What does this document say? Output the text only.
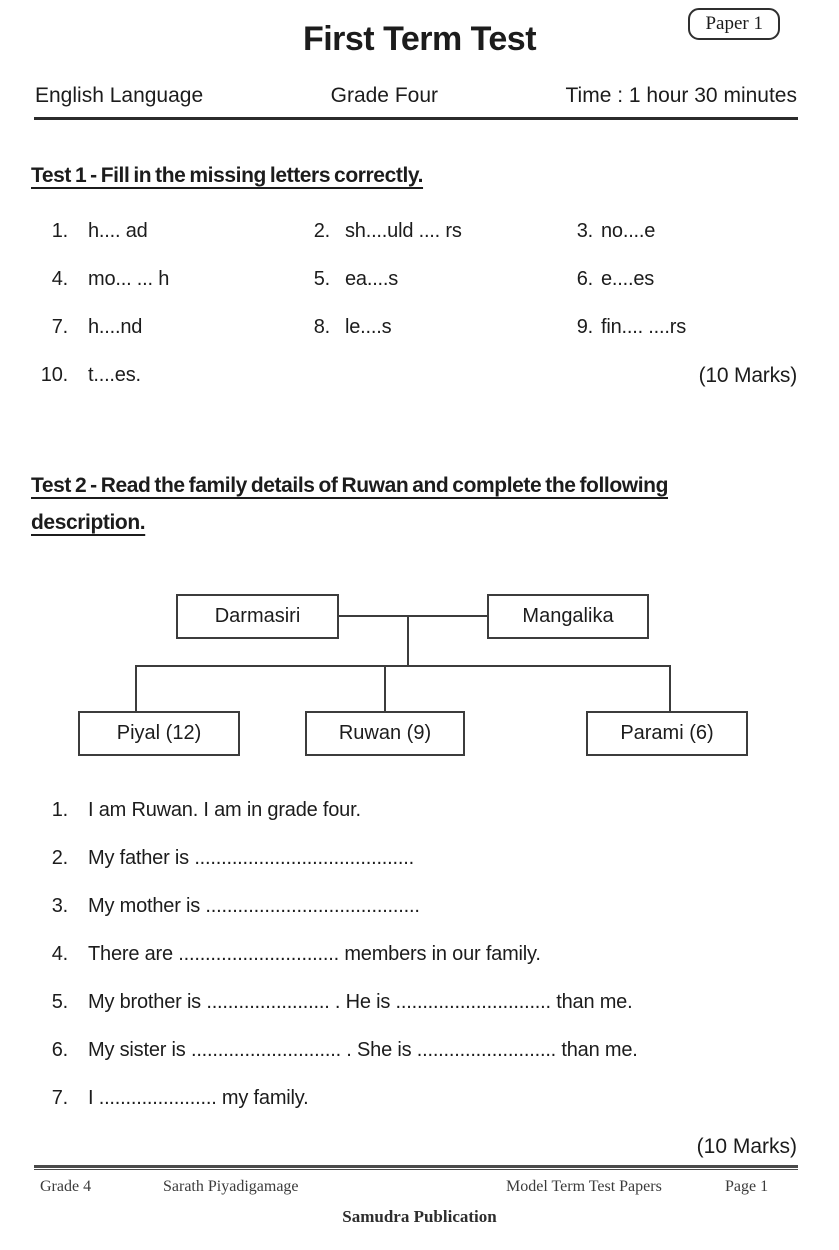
Paper 1
First Term Test
English Language	Grade Four	Time : 1 hour 30 minutes
Test 1 - Fill in the missing letters correctly.
1. h.... ad	2. sh....uld .... rs	3. no....e
4. mo... ... h	5. ea....s	6. e....es
7. h....nd	8. le....s	9. fin.... ....rs
10. t....es.	(10 Marks)
Test 2 - Read the family details of Ruwan and complete the following
description.
Darmasiri	Mangalika
Piyal (12)	Ruwan (9)	Parami (6)
1. I am Ruwan. I am in grade four.
2. My father is .........................................
3. My mother is ........................................
4. There are .............................. members in our family.
5. My brother is ....................... . He is ............................. than me.
6. My sister is ............................ . She is .......................... than me.
7. I ...................... my family.
(10 Marks)
Grade 4	Sarath Piyadigamage	Model Term Test Papers	Page 1
Samudra Publication
